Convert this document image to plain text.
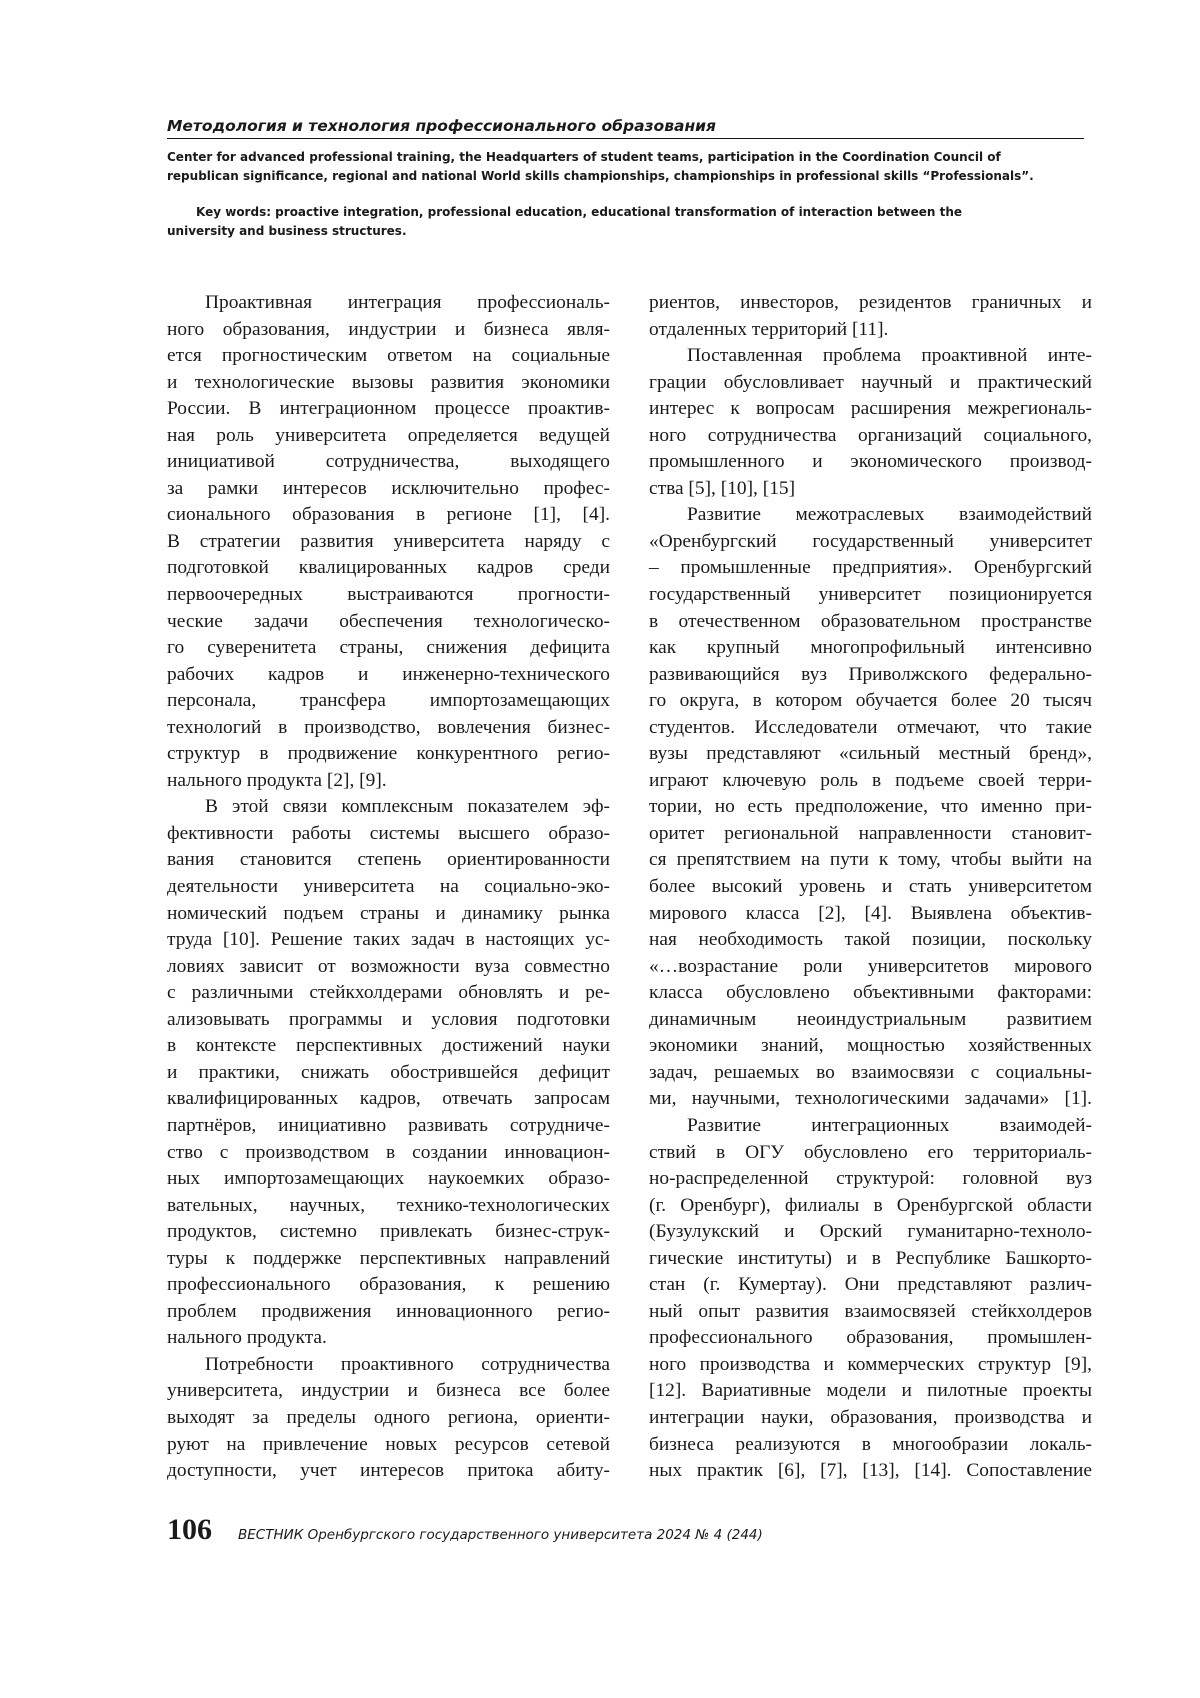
Методология и технология профессионального образования
Center for advanced professional training, the Headquarters of student teams, participation in the Coordination Council of
republican significance, regional and national World skills championships, championships in professional skills “Professionals”.
Key words: proactive integration, professional education, educational transformation of interaction between the
university and business structures.
Проактивная интеграция профессиональ-
ного образования, индустрии и бизнеса явля-
ется прогностическим ответом на социальные
и технологические вызовы развития экономики
России. В интеграционном процессе проактив-
ная роль университета определяется ведущей
инициативой сотрудничества, выходящего
за рамки интересов исключительно профес-
сионального образования в регионе [1], [4].
В стратегии развития университета наряду с
подготовкой квалицированных кадров среди
первоочередных выстраиваются прогности-
ческие задачи обеспечения технологическо-
го суверенитета страны, снижения дефицита
рабочих кадров и инженерно-технического
персонала, трансфера импортозамещающих
технологий в производство, вовлечения бизнес-
структур в продвижение конкурентного регио-
нального продукта [2], [9].
В этой связи комплексным показателем эф-
фективности работы системы высшего образо-
вания становится степень ориентированности
деятельности университета на социально-эко-
номический подъем страны и динамику рынка
труда [10]. Решение таких задач в настоящих ус-
ловиях зависит от возможности вуза совместно
с различными стейкхолдерами обновлять и ре-
ализовывать программы и условия подготовки
в контексте перспективных достижений науки
и практики, снижать обострившейся дефицит
квалифицированных кадров, отвечать запросам
партнёров, инициативно развивать сотрудниче-
ство с производством в создании инновацион-
ных импортозамещающих наукоемких образо-
вательных, научных, технико-технологических
продуктов, системно привлекать бизнес-струк-
туры к поддержке перспективных направлений
профессионального образования, к решению
проблем продвижения инновационного регио-
нального продукта.
Потребности проактивного сотрудничества
университета, индустрии и бизнеса все более
выходят за пределы одного региона, ориенти-
руют на привлечение новых ресурсов сетевой
доступности, учет интересов притока абиту-
риентов, инвесторов, резидентов граничных и
отдаленных территорий [11].
Поставленная проблема проактивной инте-
грации обусловливает научный и практический
интерес к вопросам расширения межрегиональ-
ного сотрудничества организаций социального,
промышленного и экономического производ-
ства [5], [10], [15]
Развитие межотраслевых взаимодействий
«Оренбургский государственный университет
– промышленные предприятия». Оренбургский
государственный университет позиционируется
в отечественном образовательном пространстве
как крупный многопрофильный интенсивно
развивающийся вуз Приволжского федерально-
го округа, в котором обучается более 20 тысяч
студентов. Исследователи отмечают, что такие
вузы представляют «сильный местный бренд»,
играют ключевую роль в подъеме своей терри-
тории, но есть предположение, что именно при-
оритет региональной направленности становит-
ся препятствием на пути к тому, чтобы выйти на
более высокий уровень и стать университетом
мирового класса [2], [4]. Выявлена объектив-
ная необходимость такой позиции, поскольку
«…возрастание роли университетов мирового
класса обусловлено объективными факторами:
динамичным неоиндустриальным развитием
экономики знаний, мощностью хозяйственных
задач, решаемых во взаимосвязи с социальны-
ми, научными, технологическими задачами» [1].
Развитие интеграционных взаимодей-
ствий в ОГУ обусловлено его территориаль-
но-распределенной структурой: головной вуз
(г. Оренбург), филиалы в Оренбургской области
(Бузулукский и Орский гуманитарно-техноло-
гические институты) и в Республике Башкорто-
стан (г. Кумертау). Они представляют различ-
ный опыт развития взаимосвязей стейкхолдеров
профессионального образования, промышлен-
ного производства и коммерческих структур [9],
[12]. Вариативные модели и пилотные проекты
интеграции науки, образования, производства и
бизнеса реализуются в многообразии локаль-
ных практик [6], [7], [13], [14]. Сопоставление
106 ВЕСТНИК Оренбургского государственного университета 2024 № 4 (244)
